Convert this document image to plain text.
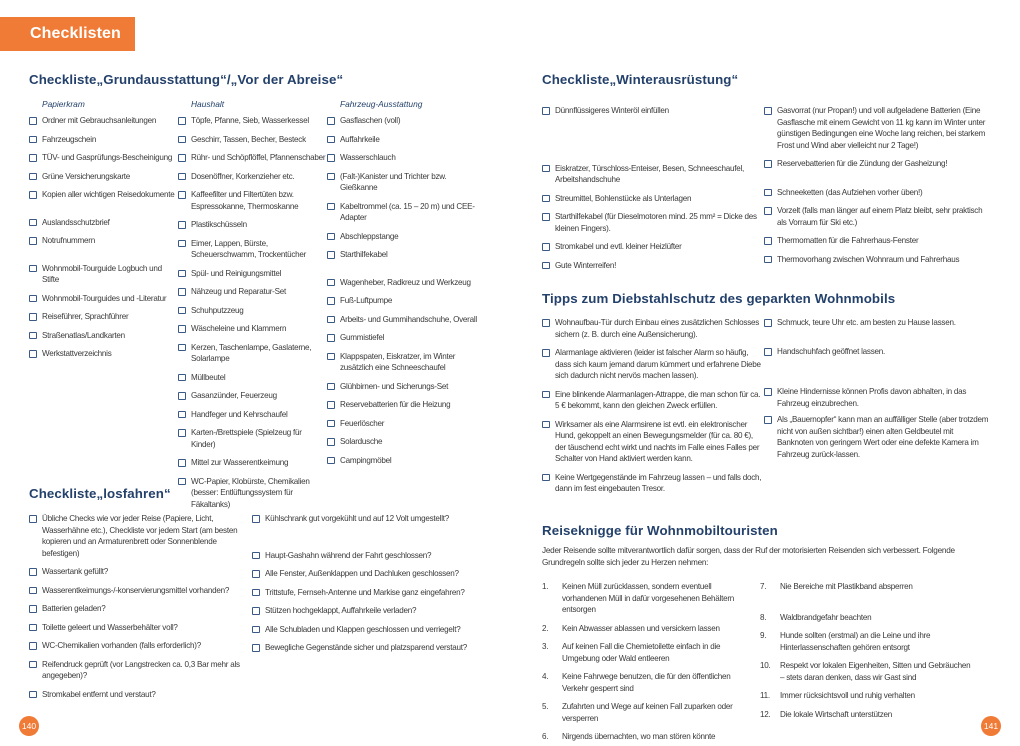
Checklisten
Checkliste„Grundausstattung“/„Vor der Abreise“
Papierkram
Ordner mit Gebrauchsanleitungen
Fahrzeugschein
TÜV- und Gasprüfungs-Bescheinigung
Grüne Versicherungskarte
Kopien aller wichtigen Reisedokumente
Auslandsschutzbrief
Notrufnummern
Wohnmobil-Tourguide Logbuch und Stifte
Wohnmobil-Tourguides und -Literatur
Reiseführer, Sprachführer
Straßenatlas/Landkarten
Werkstattverzeichnis
Haushalt
Töpfe, Pfanne, Sieb, Wasserkessel
Geschirr, Tassen, Becher, Besteck
Rühr- und Schöpflöffel, Pfannenschaber
Dosenöffner, Korkenzieher etc.
Kaffeefilter und Filtertüten bzw. Espressokanne, Thermoskanne
Plastikschüsseln
Eimer, Lappen, Bürste, Scheuerschwamm, Trockentücher
Spül- und Reinigungsmittel
Nähzeug und Reparatur-Set
Schuhputzzeug
Wäscheleine und Klammern
Kerzen, Taschenlampe, Gaslaterne, Solarlampe
Müllbeutel
Gasanzünder, Feuerzeug
Handfeger und Kehrschaufel
Karten-/Brettspiele (Spielzeug für Kinder)
Mittel zur Wasserentkeimung
WC-Papier, Klobürste, Chemikalien (besser: Entlüftungssystem für Fäkaltanks)
Fahrzeug-Ausstattung
Gasflaschen (voll)
Auffahrkeile
Wasserschlauch
(Falt-)Kanister und Trichter bzw. Gießkanne
Kabeltrommel (ca. 15 – 20 m) und CEE-Adapter
Abschleppstange
Starthilfekabel
Wagenheber, Radkreuz und Werkzeug
Fuß-Luftpumpe
Arbeits- und Gummihandschuhe, Overall
Gummistiefel
Klappspaten, Eiskratzer, im Winter zusätzlich eine Schneeschaufel
Glühbirnen- und Sicherungs-Set
Reservebatterien für die Heizung
Feuerlöscher
Solardusche
Campingmöbel
Checkliste„losfahren“
Übliche Checks wie vor jeder Reise (Papiere, Licht, Wasserhähne etc.), Checkliste vor jedem Start (am besten kopieren und an Armaturenbrett oder Sonnenblende befestigen)
Wassertank gefüllt?
Wasserentkeimungs-/-konservierungsmittel vorhanden?
Batterien geladen?
Toilette geleert und Wasserbehälter voll?
WC-Chemikalien vorhanden (falls erforderlich)?
Reifendruck geprüft (vor Langstrecken ca. 0,3 Bar mehr als angegeben)?
Stromkabel entfernt und verstaut?
Kühlschrank gut vorgekühlt und auf 12 Volt umgestellt?
Haupt-Gashahn während der Fahrt geschlossen?
Alle Fenster, Außenklappen und Dachluken geschlossen?
Trittstufe, Fernseh-Antenne und Markise ganz eingefahren?
Stützen hochgeklappt, Auffahrkeile verladen?
Alle Schubladen und Klappen geschlossen und verriegelt?
Bewegliche Gegenstände sicher und platzsparend verstaut?
Checkliste„Winterausrüstung“
Dünnflüssigeres Winteröl einfüllen
Eiskratzer, Türschloss-Enteiser, Besen, Schneeschaufel, Arbeitshandschuhe
Streumittel, Bohlenstücke als Unterlagen
Starthilfekabel (für Dieselmotoren mind. 25 mm² = Dicke des kleinen Fingers).
Stromkabel und evtl. kleiner Heizlüfter
Gute Winterreifen!
Gasvorrat (nur Propan!) und voll aufgeladene Batterien (Eine Gasflasche mit einem Gewicht von 11 kg kann im Winter unter günstigen Bedingungen eine Woche lang reichen, bei starkem Frost und Wind aber vielleicht nur 2 Tage!)
Reservebatterien für die Zündung der Gasheizung!
Schneeketten (das Aufziehen vorher üben!)
Vorzelt (falls man länger auf einem Platz bleibt, sehr praktisch als Vorraum für Ski etc.)
Thermomatten für die Fahrerhaus-Fenster
Thermovorhang zwischen Wohnraum und Fahrerhaus
Tipps zum Diebstahlschutz des geparkten Wohnmobils
Wohnaufbau-Tür durch Einbau eines zusätzlichen Schlosses sichern (z. B. durch eine Außensicherung).
Alarmanlage aktivieren (leider ist falscher Alarm so häufig, dass sich kaum jemand darum kümmert und erfahrene Diebe sich dadurch nicht nervös machen lassen).
Eine blinkende Alarmanlagen-Attrappe, die man schon für ca. 5 € bekommt, kann den gleichen Zweck erfüllen.
Wirksamer als eine Alarmsirene ist evtl. ein elektronischer Hund, gekoppelt an einen Bewegungsmelder (für ca. 80 €), der täuschend echt wirkt und nachts im Falle eines Falles per Schalter von Hand aktiviert werden kann.
Keine Wertgegenstände im Fahrzeug lassen – und falls doch, dann im fest eingebauten Tresor.
Schmuck, teure Uhr etc. am besten zu Hause lassen.
Handschuhfach geöffnet lassen.
Kleine Hindernisse können Profis davon abhalten, in das Fahrzeug einzubrechen.
Als „Bauernopfer“ kann man an auffälliger Stelle (aber trotzdem nicht von außen sichtbar!) einen alten Geldbeutel mit Banknoten von geringem Wert oder eine defekte Kamera im Fahrzeug zurück-lassen.
Reiseknigge für Wohnmobiltouristen
Jeder Reisende sollte mitverantwortlich dafür sorgen, dass der Ruf der motorisierten Reisenden sich verbessert. Folgende Grundregeln sollte sich jeder zu Herzen nehmen:
1. Keinen Müll zurücklassen, sondern eventuell vorhandenen Müll in dafür vorgesehenen Behältern entsorgen
2. Kein Abwasser ablassen und versickern lassen
3. Auf keinen Fall die Chemietoilette einfach in die Umgebung oder Wald entleeren
4. Keine Fahrwege benutzen, die für den öffentlichen Verkehr gesperrt sind
5. Zufahrten und Wege auf keinen Fall zuparken oder versperren
6. Nirgends übernachten, wo man stören könnte
7. Nie Bereiche mit Plastikband absperren
8. Waldbrandgefahr beachten
9. Hunde sollten (erstmal) an die Leine und ihre Hinterlassenschaften gehören entsorgt
10. Respekt vor lokalen Eigenheiten, Sitten und Gebräuchen – stets daran denken, dass wir Gast sind
11. Immer rücksichtsvoll und ruhig verhalten
12. Die lokale Wirtschaft unterstützen
140	141
